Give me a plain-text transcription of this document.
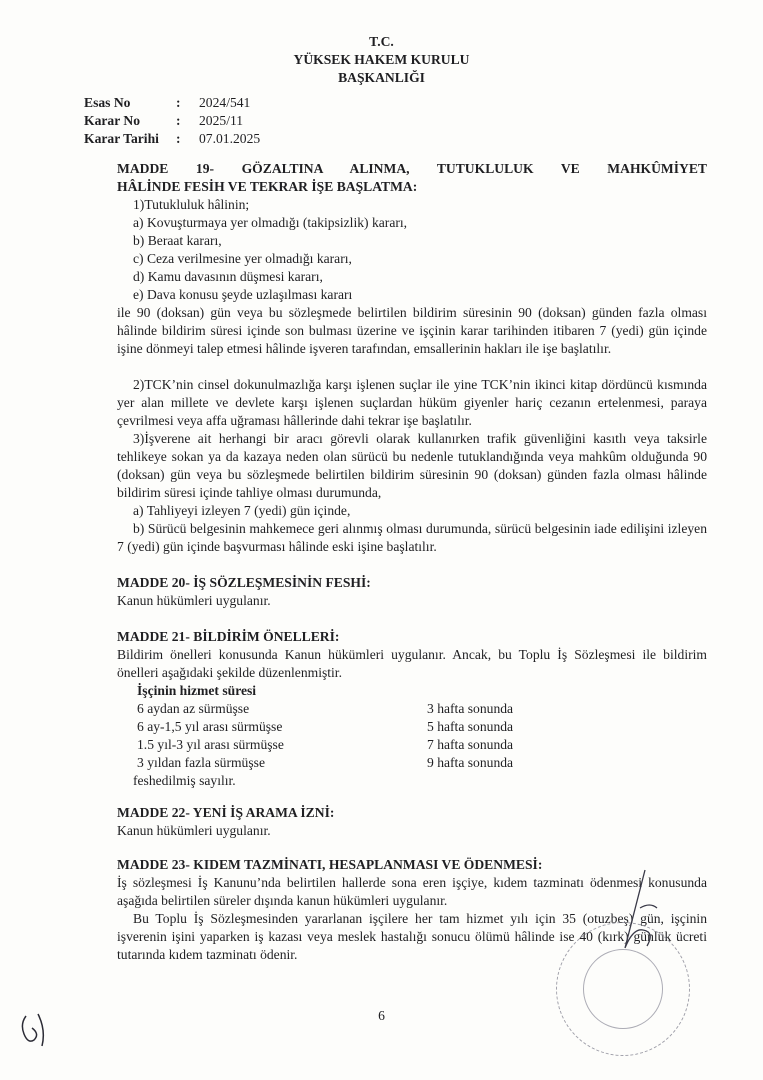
T.C.
YÜKSEK HAKEM KURULU
BAŞKANLIĞI
Esas No	:	2024/541
Karar No	:	2025/11
Karar Tarihi	:	07.01.2025
MADDE 19- GÖZALTINA ALINMA, TUTUKLULUK VE MAHKÛMİYET
HÂLİNDE FESİH VE TEKRAR İŞE BAŞLATMA:
1)Tutukluluk hâlinin;
a) Kovuşturmaya yer olmadığı (takipsizlik) kararı,
b) Beraat kararı,
c) Ceza verilmesine yer olmadığı kararı,
d) Kamu davasının düşmesi kararı,
e) Dava konusu şeyde uzlaşılması kararı
ile 90 (doksan) gün veya bu sözleşmede belirtilen bildirim süresinin 90 (doksan) günden fazla olması hâlinde bildirim süresi içinde son bulması üzerine ve işçinin karar tarihinden itibaren 7 (yedi) gün içinde işine dönmeyi talep etmesi hâlinde işveren tarafından, emsallerinin hakları ile işe başlatılır.
2)TCK’nin cinsel dokunulmazlığa karşı işlenen suçlar ile yine TCK’nin ikinci kitap dördüncü kısmında yer alan millete ve devlete karşı işlenen suçlardan hüküm giyenler hariç cezanın ertelenmesi, paraya çevrilmesi veya affa uğraması hâllerinde dahi tekrar işe başlatılır.
3)İşverene ait herhangi bir aracı görevli olarak kullanırken trafik güvenliğini kasıtlı veya taksirle tehlikeye sokan ya da kazaya neden olan sürücü bu nedenle tutuklandığında veya mahkûm olduğunda 90 (doksan) gün veya bu sözleşmede belirtilen bildirim süresinin 90 (doksan) günden fazla olması hâlinde bildirim süresi içinde tahliye olması durumunda,
a) Tahliyeyi izleyen 7 (yedi) gün içinde,
b) Sürücü belgesinin mahkemece geri alınmış olması durumunda, sürücü belgesinin iade edilişini izleyen 7 (yedi) gün içinde başvurması hâlinde eski işine başlatılır.
MADDE 20- İŞ SÖZLEŞMESİNİN FESHİ:
Kanun hükümleri uygulanır.
MADDE 21- BİLDİRİM ÖNELLERİ:
Bildirim önelleri konusunda Kanun hükümleri uygulanır. Ancak, bu Toplu İş Sözleşmesi ile bildirim önelleri aşağıdaki şekilde düzenlenmiştir.
İşçinin hizmet süresi
6 aydan az sürmüşse	3 hafta sonunda
6 ay-1,5 yıl arası sürmüşse	5 hafta sonunda
1.5 yıl-3 yıl arası sürmüşse	7 hafta sonunda
3 yıldan fazla sürmüşse	9 hafta sonunda
feshedilmiş sayılır.
MADDE 22- YENİ İŞ ARAMA İZNİ:
Kanun hükümleri uygulanır.
MADDE 23- KIDEM TAZMİNATI, HESAPLANMASI VE ÖDENMESİ:
İş sözleşmesi İş Kanunu’nda belirtilen hallerde sona eren işçiye, kıdem tazminatı ödenmesi konusunda aşağıda belirtilen süreler dışında kanun hükümleri uygulanır.
Bu Toplu İş Sözleşmesinden yararlanan işçilere her tam hizmet yılı için 35 (otuzbeş) gün, işçinin işverenin işini yaparken iş kazası veya meslek hastalığı sonucu ölümü hâlinde ise 40 (kırk) günlük ücreti tutarında kıdem tazminatı ödenir.
6
